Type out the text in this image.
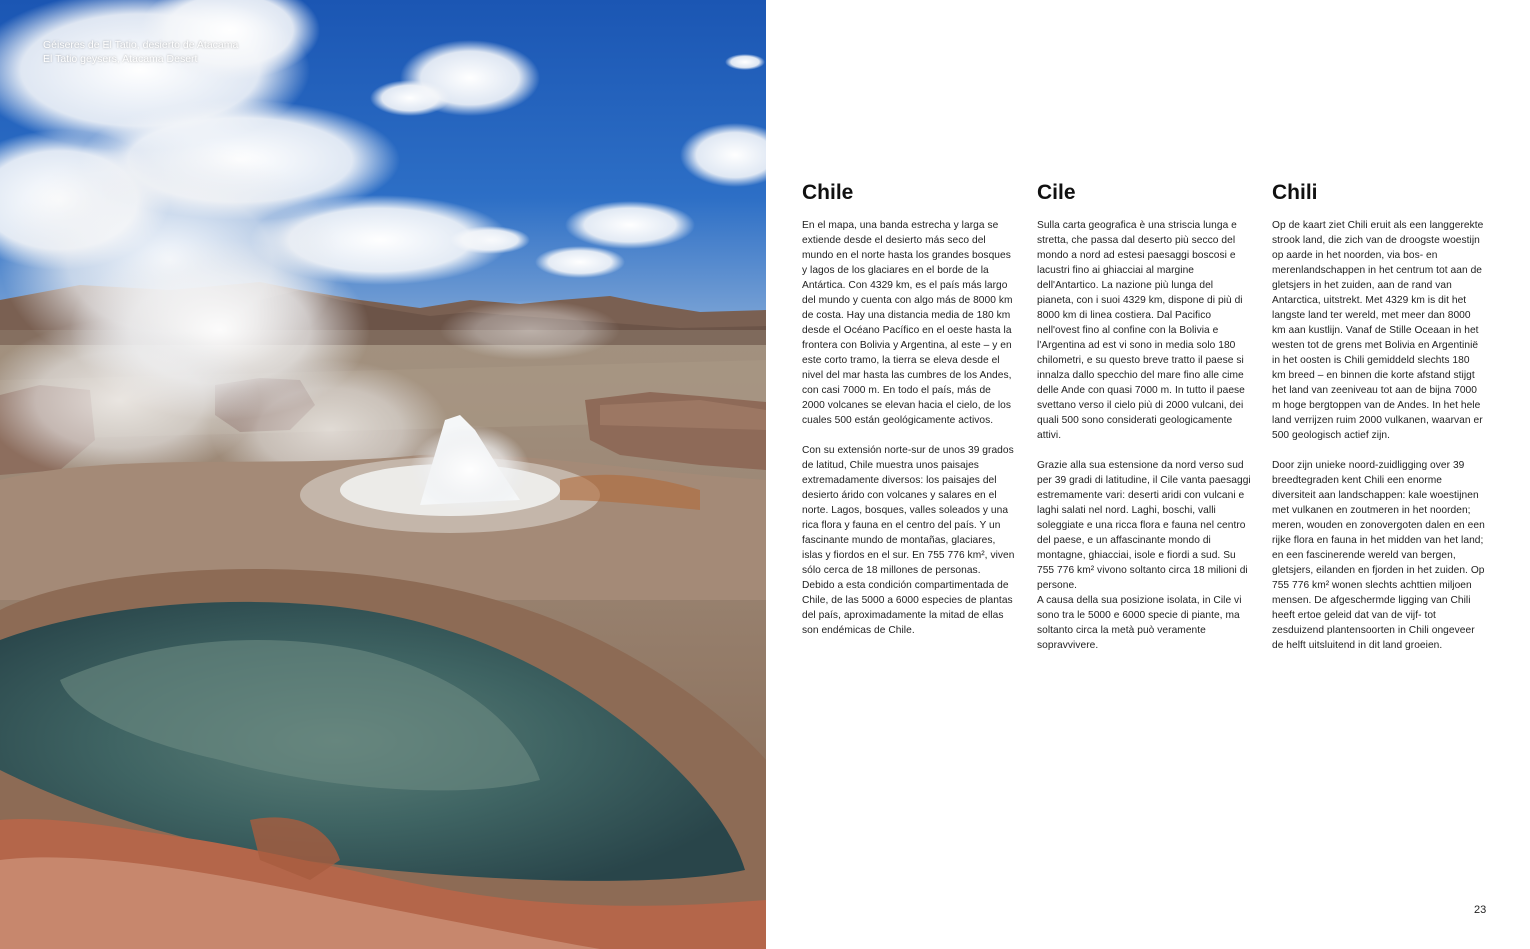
Géiseres de El Tatio, desierto de Atacama
El Tatio geysers, Atacama Desert
Chile

En el mapa, una banda estrecha y larga se extiende desde el desierto más seco del mundo en el norte hasta los grandes bosques y lagos de los glaciares en el borde de la Antártica. Con 4329 km, es el país más largo del mundo y cuenta con algo más de 8000 km de costa. Hay una distancia media de 180 km desde el Océano Pacífico en el oeste hasta la frontera con Bolivia y Argentina, al este – y en este corto tramo, la tierra se eleva desde el nivel del mar hasta las cumbres de los Andes, con casi 7000 m. En todo el país, más de 2000 volcanes se elevan hacia el cielo, de los cuales 500 están geológicamente activos.

Con su extensión norte-sur de unos 39 grados de latitud, Chile muestra unos paisajes extremadamente diversos: los paisajes del desierto árido con volcanes y salares en el norte. Lagos, bosques, valles soleados y una rica flora y fauna en el centro del país. Y un fascinante mundo de montañas, glaciares, islas y fiordos en el sur. En 755 776 km², viven sólo cerca de 18 millones de personas. Debido a esta condición compartimentada de Chile, de las 5000 a 6000 especies de plantas del país, aproximadamente la mitad de ellas son endémicas de Chile.

Cile

Sulla carta geografica è una striscia lunga e stretta, che passa dal deserto più secco del mondo a nord ad estesi paesaggi boscosi e lacustri fino ai ghiacciai al margine dell'Antartico. La nazione più lunga del pianeta, con i suoi 4329 km, dispone di più di 8000 km di linea costiera. Dal Pacifico nell'ovest fino al confine con la Bolivia e l'Argentina ad est vi sono in media solo 180 chilometri, e su questo breve tratto il paese si innalza dallo specchio del mare fino alle cime delle Ande con quasi 7000 m. In tutto il paese svettano verso il cielo più di 2000 vulcani, dei quali 500 sono considerati geologicamente attivi.

Grazie alla sua estensione da nord verso sud per 39 gradi di latitudine, il Cile vanta paesaggi estremamente vari: deserti aridi con vulcani e laghi salati nel nord. Laghi, boschi, valli soleggiate e una ricca flora e fauna nel centro del paese, e un affascinante mondo di montagne, ghiacciai, isole e fiordi a sud. Su 755 776 km² vivono soltanto circa 18 milioni di persone.

A causa della sua posizione isolata, in Cile vi sono tra le 5000 e 6000 specie di piante, ma soltanto circa la metà può veramente sopravvivere.

Chili

Op de kaart ziet Chili eruit als een langgerekte strook land, die zich van de droogste woestijn op aarde in het noorden, via bos- en merenlandschappen in het centrum tot aan de gletsjers in het zuiden, aan de rand van Antarctica, uitstrekt. Met 4329 km is dit het langste land ter wereld, met meer dan 8000 km aan kustlijn. Vanaf de Stille Oceaan in het westen tot de grens met Bolivia en Argentinië in het oosten is Chili gemiddeld slechts 180 km breed – en binnen die korte afstand stijgt het land van zeeniveau tot aan de bijna 7000 m hoge bergtoppen van de Andes. In het hele land verrijzen ruim 2000 vulkanen, waarvan er 500 geologisch actief zijn.

Door zijn unieke noord-zuidligging over 39 breedtegraden kent Chili een enorme diversiteit aan landschappen: kale woestijnen met vulkanen en zoutmeren in het noorden; meren, wouden en zonovergoten dalen en een rijke flora en fauna in het midden van het land; en een fascinerende wereld van bergen, gletsjers, eilanden en fjorden in het zuiden. Op 755 776 km² wonen slechts achttien miljoen mensen. De afgeschermde ligging van Chili heeft ertoe geleid dat van de vijf- tot zesduizend plantensoorten in Chili ongeveer de helft uitsluitend in dit land groeien.

23
